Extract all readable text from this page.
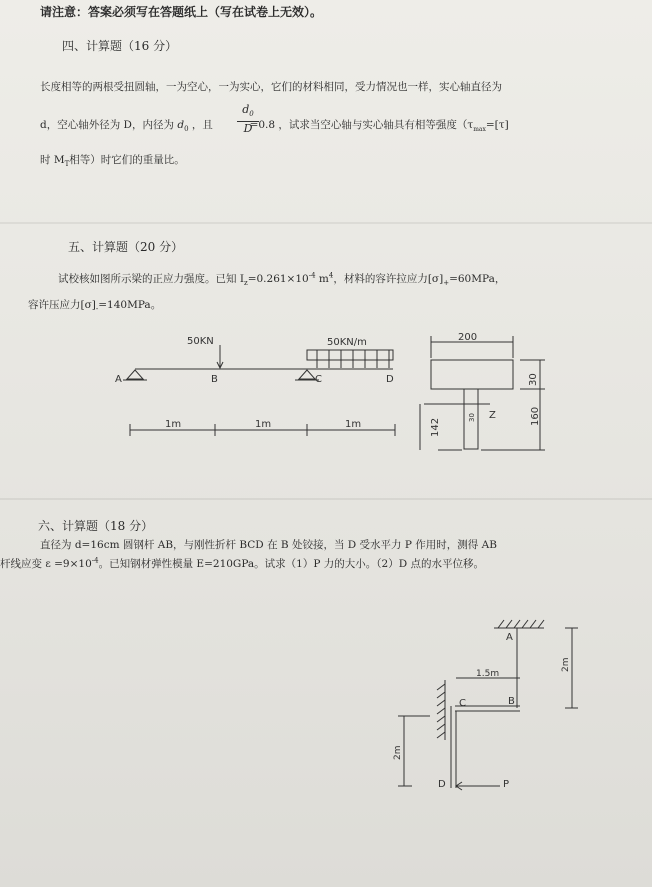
请注意：答案必须写在答题纸上（写在试卷上无效）。
四、计算题（16 分）
长度相等的两根受扭圆轴，一为空心，一为实心，它们的材料相同，受力情况也一样，实心轴直径为
d，空心轴外径为 D，内径为 $d_0$ ，且	=0.8 ，试求当空心轴与实心轴具有相等强度（$\tau_{max}=[\tau]$
$\frac{d_0}{D}$
时 $M_T$相等）时它们的重量比。
五、计算题（20 分）
试校核如图所示梁的正应力强度。已知 $I_z=0.261\times 10^{-4}$ $m^4$，材料的容许拉应力$[\sigma]_+=60MPa$，
容许压应力$[\sigma]_-=140MPa$。
50KN	50KN/m
A	B	C	D
1m	1m	1m
200
30
160
142
30 Z
六、计算题（18 分）
直径为 d=16cm 圆钢杆 AB，与刚性折杆 BCD 在 B 处铰接，当 D 受水平力 P 作用时，测得 AB
杆线应变 $\varepsilon =9\times 10^{-4}$。已知钢材弹性模量 E=210GPa。试求（1）P 力的大小。（2）D 点的水平位移。
A
B
C
D	P
1.5m
2m
2m
